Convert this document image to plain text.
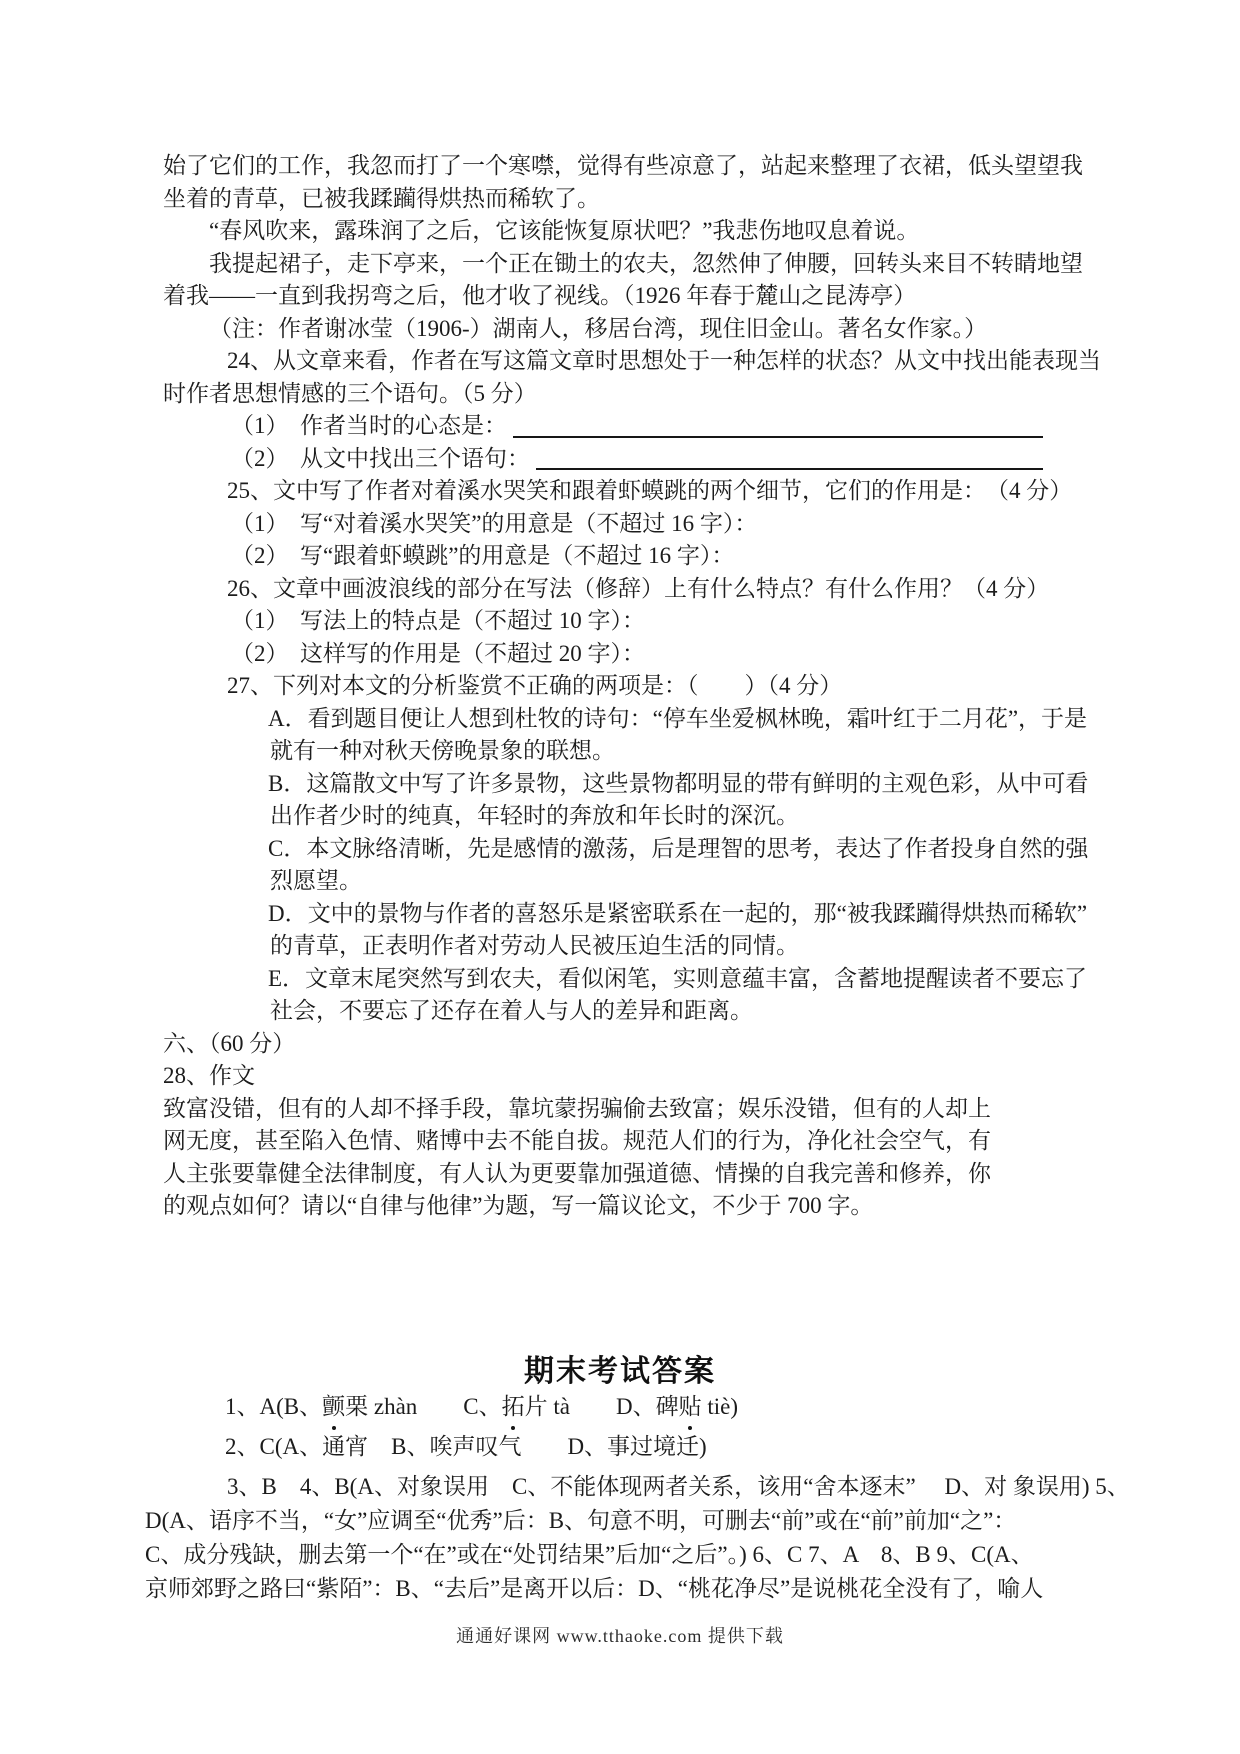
始了它们的工作，我忽而打了一个寒噤，觉得有些凉意了，站起来整理了衣裙，低头望望我
坐着的青草，已被我蹂躏得烘热而稀软了。
“春风吹来，露珠润了之后，它该能恢复原状吧？”我悲伤地叹息着说。
我提起裙子，走下亭来，一个正在锄土的农夫，忽然伸了伸腰，回转头来目不转睛地望
着我——一直到我拐弯之后，他才收了视线。（1926 年春于麓山之昆涛亭）
（注：作者谢冰莹（1906-）湖南人，移居台湾，现住旧金山。著名女作家。）
24、从文章来看，作者在写这篇文章时思想处于一种怎样的状态？从文中找出能表现当
时作者思想情感的三个语句。（5 分）
（1）　作者当时的心态是：
（2）　从文中找出三个语句：
25、文中写了作者对着溪水哭笑和跟着虾蟆跳的两个细节，它们的作用是：　（4 分）
（1）　写“对着溪水哭笑”的用意是（不超过 16 字）：
（2）　写“跟着虾蟆跳”的用意是（不超过 16 字）：
26、文章中画波浪线的部分在写法（修辞）上有什么特点？有什么作用？（4 分）
（1）　写法上的特点是（不超过 10 字）：
（2）　这样写的作用是（不超过 20 字）：
27、下列对本文的分析鉴赏不正确的两项是：（　　）（4 分）
A．看到题目便让人想到杜牧的诗句：“停车坐爱枫林晚，霜叶红于二月花”，于是
就有一种对秋天傍晚景象的联想。
B．这篇散文中写了许多景物，这些景物都明显的带有鲜明的主观色彩，从中可看
出作者少时的纯真，年轻时的奔放和年长时的深沉。
C．本文脉络清晰，先是感情的激荡，后是理智的思考，表达了作者投身自然的强
烈愿望。
D．文中的景物与作者的喜怒乐是紧密联系在一起的，那“被我蹂躏得烘热而稀软”
的青草，正表明作者对劳动人民被压迫生活的同情。
E．文章末尾突然写到农夫，看似闲笔，实则意蕴丰富，含蓄地提醒读者不要忘了
社会，不要忘了还存在着人与人的差异和距离。
六、（60 分）
28、作文
致富没错，但有的人却不择手段，靠坑蒙拐骗偷去致富；娱乐没错，但有的人却上
网无度，甚至陷入色情、赌博中去不能自拔。规范人们的行为，净化社会空气，有
人主张要靠健全法律制度，有人认为更要靠加强道德、情操的自我完善和修养，你
的观点如何？请以“自律与他律”为题，写一篇议论文，不少于 700 字。
期末考试答案
1、A(B、颤栗 zhàn　　C、拓片 tà　　D、碑贴 tiè)
2、C(A、通宵　B、唉声叹气　　D、事过境迁)
3、B　4、B(A、对象误用　C、不能体现两者关系，该用“舍本逐末”　 D、对 象误用) 5、
D(A、语序不当，“女”应调至“优秀”后：B、句意不明，可删去“前”或在“前”前加“之”：
C、成分残缺，删去第一个“在”或在“处罚结果”后加“之后”。) 6、C 7、A　8、B 9、C(A、
京师郊野之路曰“紫陌”：B、“去后”是离开以后：D、“桃花净尽”是说桃花全没有了，喻人
通通好课网 www.tthaoke.com 提供下载
